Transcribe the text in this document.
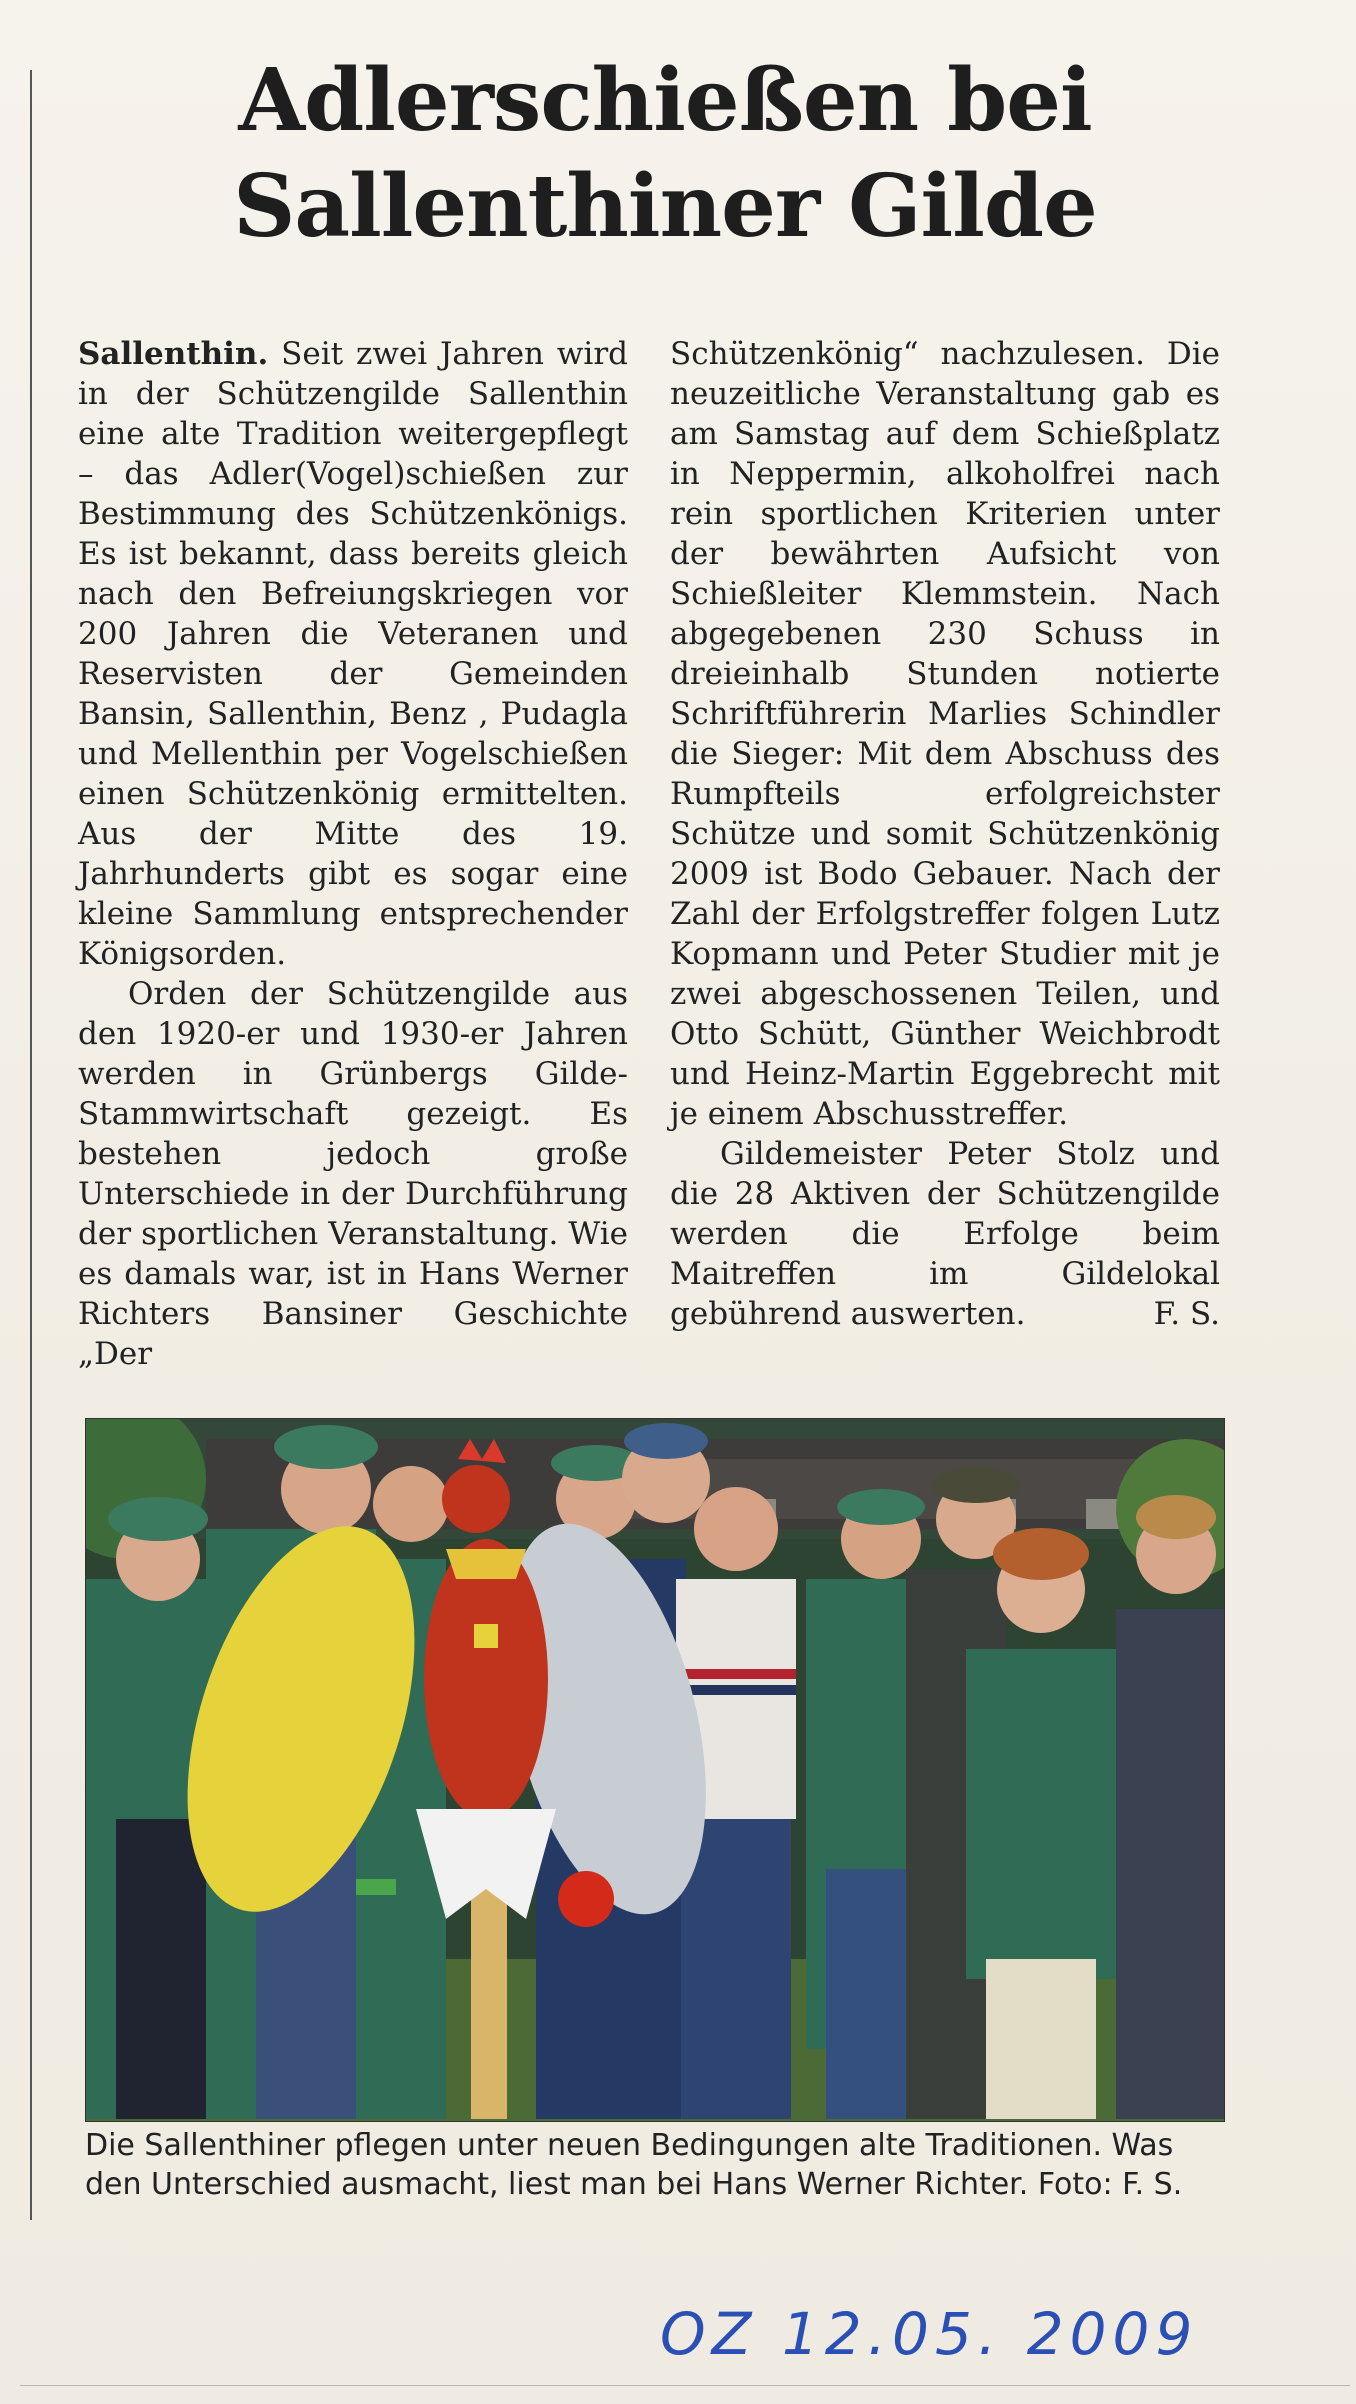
Adlerschießen bei
Sallenthiner Gilde

Sallenthin. Seit zwei Jahren wird in der Schützengilde Sallenthin eine alte Tradition weitergepflegt – das Adler(Vogel)schießen zur Bestimmung des Schützenkönigs. Es ist bekannt, dass bereits gleich nach den Befreiungskriegen vor 200 Jahren die Veteranen und Reservisten der Gemeinden Bansin, Sallenthin, Benz , Pudagla und Mellenthin per Vogelschießen einen Schützenkönig ermittelten. Aus der Mitte des 19. Jahrhunderts gibt es sogar eine kleine Sammlung entsprechender Königsorden.

Orden der Schützengilde aus den 1920-er und 1930-er Jahren werden in Grünbergs Gilde-Stammwirtschaft gezeigt. Es bestehen jedoch große Unterschiede in der Durchführung der sportlichen Veranstaltung. Wie es damals war, ist in Hans Werner Richters Bansiner Geschichte „Der

Schützenkönig“ nachzulesen. Die neuzeitliche Veranstaltung gab es am Samstag auf dem Schießplatz in Neppermin, alkoholfrei nach rein sportlichen Kriterien unter der bewährten Aufsicht von Schießleiter Klemmstein. Nach abgegebenen 230 Schuss in dreieinhalb Stunden notierte Schriftführerin Marlies Schindler die Sieger: Mit dem Abschuss des Rumpfteils erfolgreichster Schütze und somit Schützenkönig 2009 ist Bodo Gebauer. Nach der Zahl der Erfolgstreffer folgen Lutz Kopmann und Peter Studier mit je zwei abgeschossenen Teilen, und Otto Schütt, Günther Weichbrodt und Heinz-Martin Eggebrecht mit je einem Abschusstreffer.

Gildemeister Peter Stolz und die 28 Aktiven der Schützengilde werden die Erfolge beim Maitreffen im Gildelokal gebührend auswerten.	F. S.

Die Sallenthiner pflegen unter neuen Bedingungen alte Traditionen. Was
den Unterschied ausmacht, liest man bei Hans Werner Richter. Foto: F. S.
OZ 12.05. 2009
